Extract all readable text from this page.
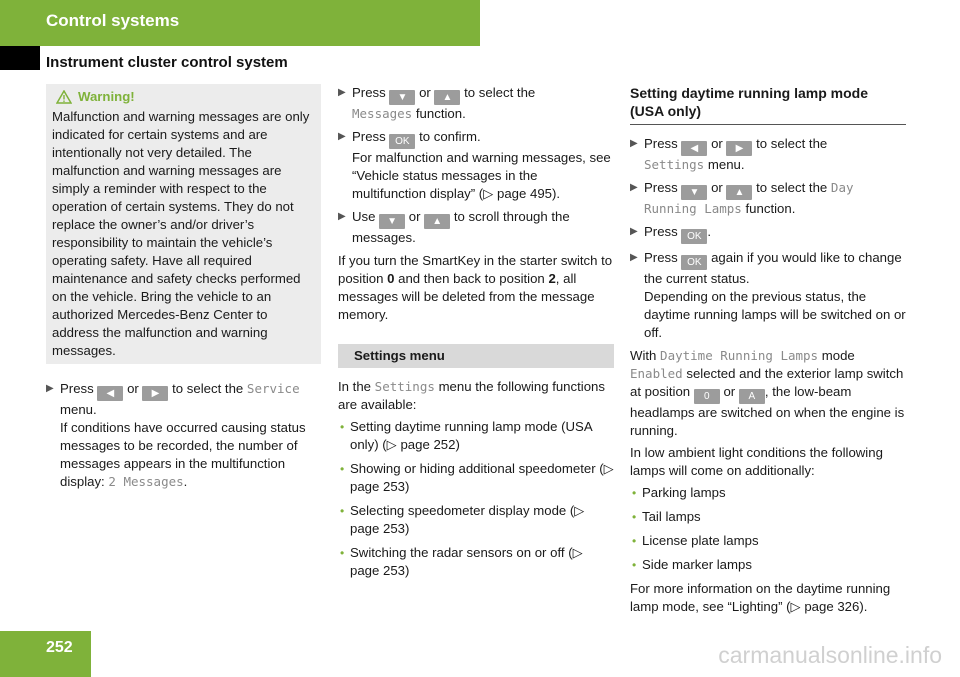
Control systems
Instrument cluster control system
Warning!

Malfunction and warning messages are only indicated for certain systems and are intentionally not very detailed. The malfunction and warning messages are simply a reminder with respect to the operation of certain systems. They do not replace the owner’s and/or driver’s responsibility to maintain the vehicle’s operating safety. Have all required maintenance and safety checks performed on the vehicle. Bring the vehicle to an authorized Mercedes-Benz Center to address the malfunction and warning messages.

▶ Press ◀ or ▶ to select the Service menu.
If conditions have occurred causing status messages to be recorded, the number of messages appears in the multifunction display: 2 Messages.
▶ Press ▼ or ▲ to select the
Messages function.
▶ Press OK to confirm.
For malfunction and warning messages, see “Vehicle status messages in the multifunction display” (▷ page 495).
▶ Use ▼ or ▲ to scroll through the messages.

If you turn the SmartKey in the starter switch to position 0 and then back to position 2, all messages will be deleted from the message memory.

Settings menu

In the Settings menu the following functions are available:

• Setting daytime running lamp mode (USA only) (▷ page 252)
• Showing or hiding additional speedometer (▷ page 253)
• Selecting speedometer display mode (▷ page 253)
• Switching the radar sensors on or off (▷ page 253)
Setting daytime running lamp mode (USA only)
▶ Press ◀ or ▶ to select the
Settings menu.
▶ Press ▼ or ▲ to select the Day
Running Lamps function.
▶ Press OK .
▶ Press OK again if you would like to change the current status.
Depending on the previous status, the daytime running lamps will be switched on or off.

With Daytime Running Lamps mode Enabled selected and the exterior lamp switch at position 0 or A , the low-beam headlamps are switched on when the engine is running.

In low ambient light conditions the following lamps will come on additionally:

• Parking lamps
• Tail lamps
• License plate lamps
• Side marker lamps

For more information on the daytime running lamp mode, see “Lighting” (▷ page 326).

252	carmanualsonline.info
